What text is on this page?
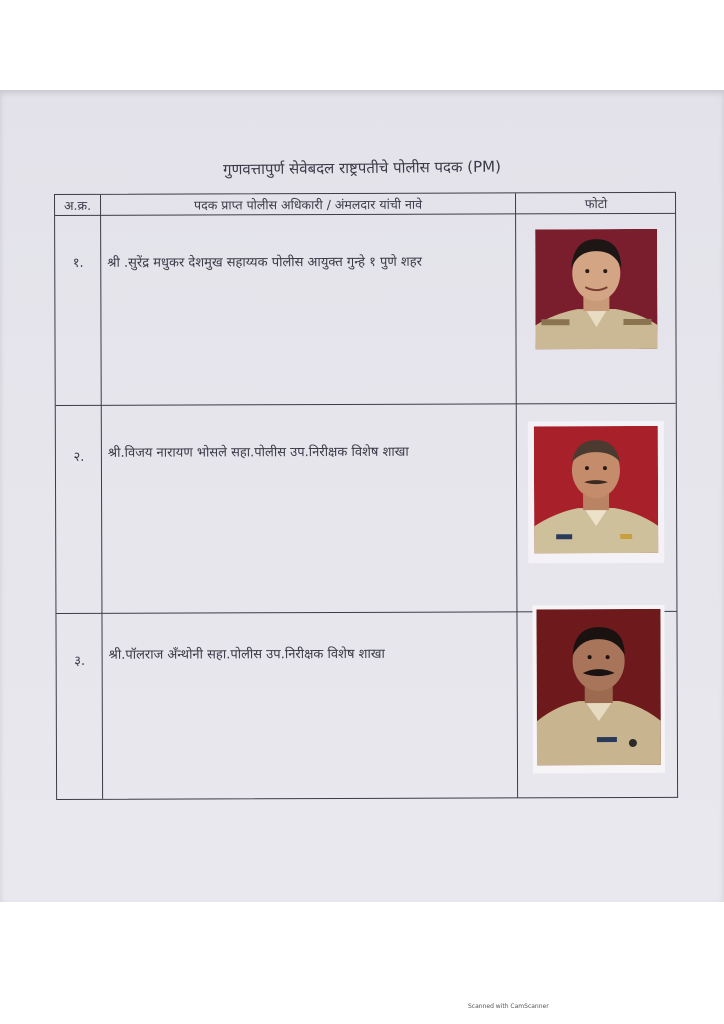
गुणवत्तापुर्ण सेवेबदल राष्ट्रपतीचे पोलीस पदक (PM)
अ.क्र.	पदक प्राप्त पोलीस अधिकारी / अंमलदार यांची नावे	फोटो
१.	श्री .सुरेंद्र मधुकर देशमुख सहाय्यक पोलीस आयुक्त गुन्हे १ पुणे शहर
२.	श्री.विजय नारायण भोसले सहा.पोलीस उप.निरीक्षक विशेष शाखा
३.	श्री.पॉलराज अँन्थोनी सहा.पोलीस उप.निरीक्षक विशेष शाखा
Scanned with CamScanner
